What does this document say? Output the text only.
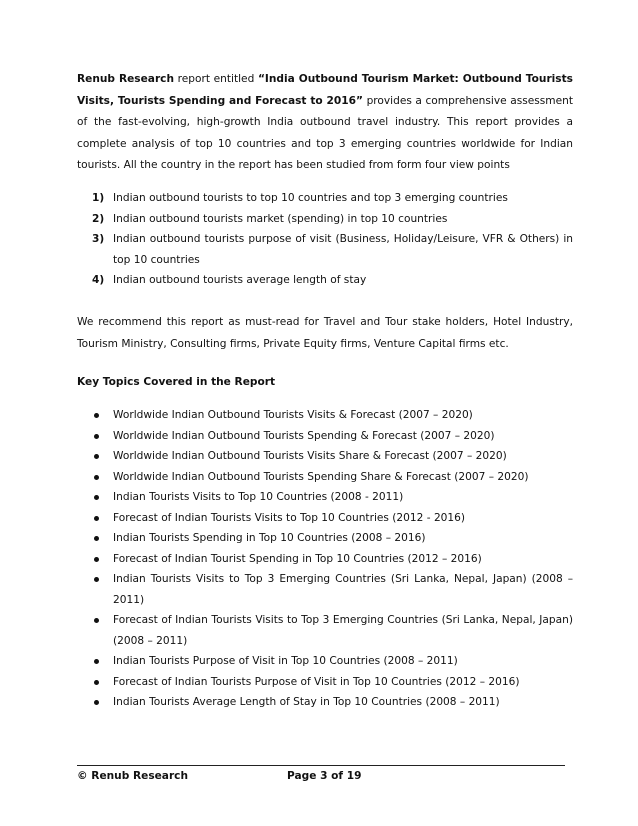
Renub Research report entitled “India Outbound Tourism Market: Outbound Tourists Visits, Tourists Spending and Forecast to 2016” provides a comprehensive assessment of the fast-evolving, high-growth India outbound travel industry. This report provides a complete analysis of top 10 countries and top 3 emerging countries worldwide for Indian tourists. All the country in the report has been studied from form four view points

1) Indian outbound tourists to top 10 countries and top 3 emerging countries
2) Indian outbound tourists market (spending) in top 10 countries
3) Indian outbound tourists purpose of visit (Business, Holiday/Leisure, VFR & Others) in top 10 countries
4) Indian outbound tourists average length of stay

We recommend this report as must-read for Travel and Tour stake holders, Hotel Industry, Tourism Ministry, Consulting firms, Private Equity firms, Venture Capital firms etc.

Key Topics Covered in the Report

Worldwide Indian Outbound Tourists Visits & Forecast (2007 – 2020)
Worldwide Indian Outbound Tourists Spending & Forecast (2007 – 2020)
Worldwide Indian Outbound Tourists Visits Share & Forecast (2007 – 2020)
Worldwide Indian Outbound Tourists Spending Share & Forecast (2007 – 2020)
Indian Tourists Visits to Top 10 Countries (2008 - 2011)
Forecast of Indian Tourists Visits to Top 10 Countries (2012 - 2016)
Indian Tourists Spending in Top 10 Countries (2008 – 2016)
Forecast of Indian Tourist Spending in Top 10 Countries (2012 – 2016)
Indian Tourists Visits to Top 3 Emerging Countries (Sri Lanka, Nepal, Japan) (2008 – 2011)
Forecast of Indian Tourists Visits to Top 3 Emerging Countries (Sri Lanka, Nepal, Japan) (2008 – 2011)
Indian Tourists Purpose of Visit in Top 10 Countries (2008 – 2011)
Forecast of Indian Tourists Purpose of Visit in Top 10 Countries (2012 – 2016)
Indian Tourists Average Length of Stay in Top 10 Countries (2008 – 2011)
© Renub Research	Page 3 of 19
